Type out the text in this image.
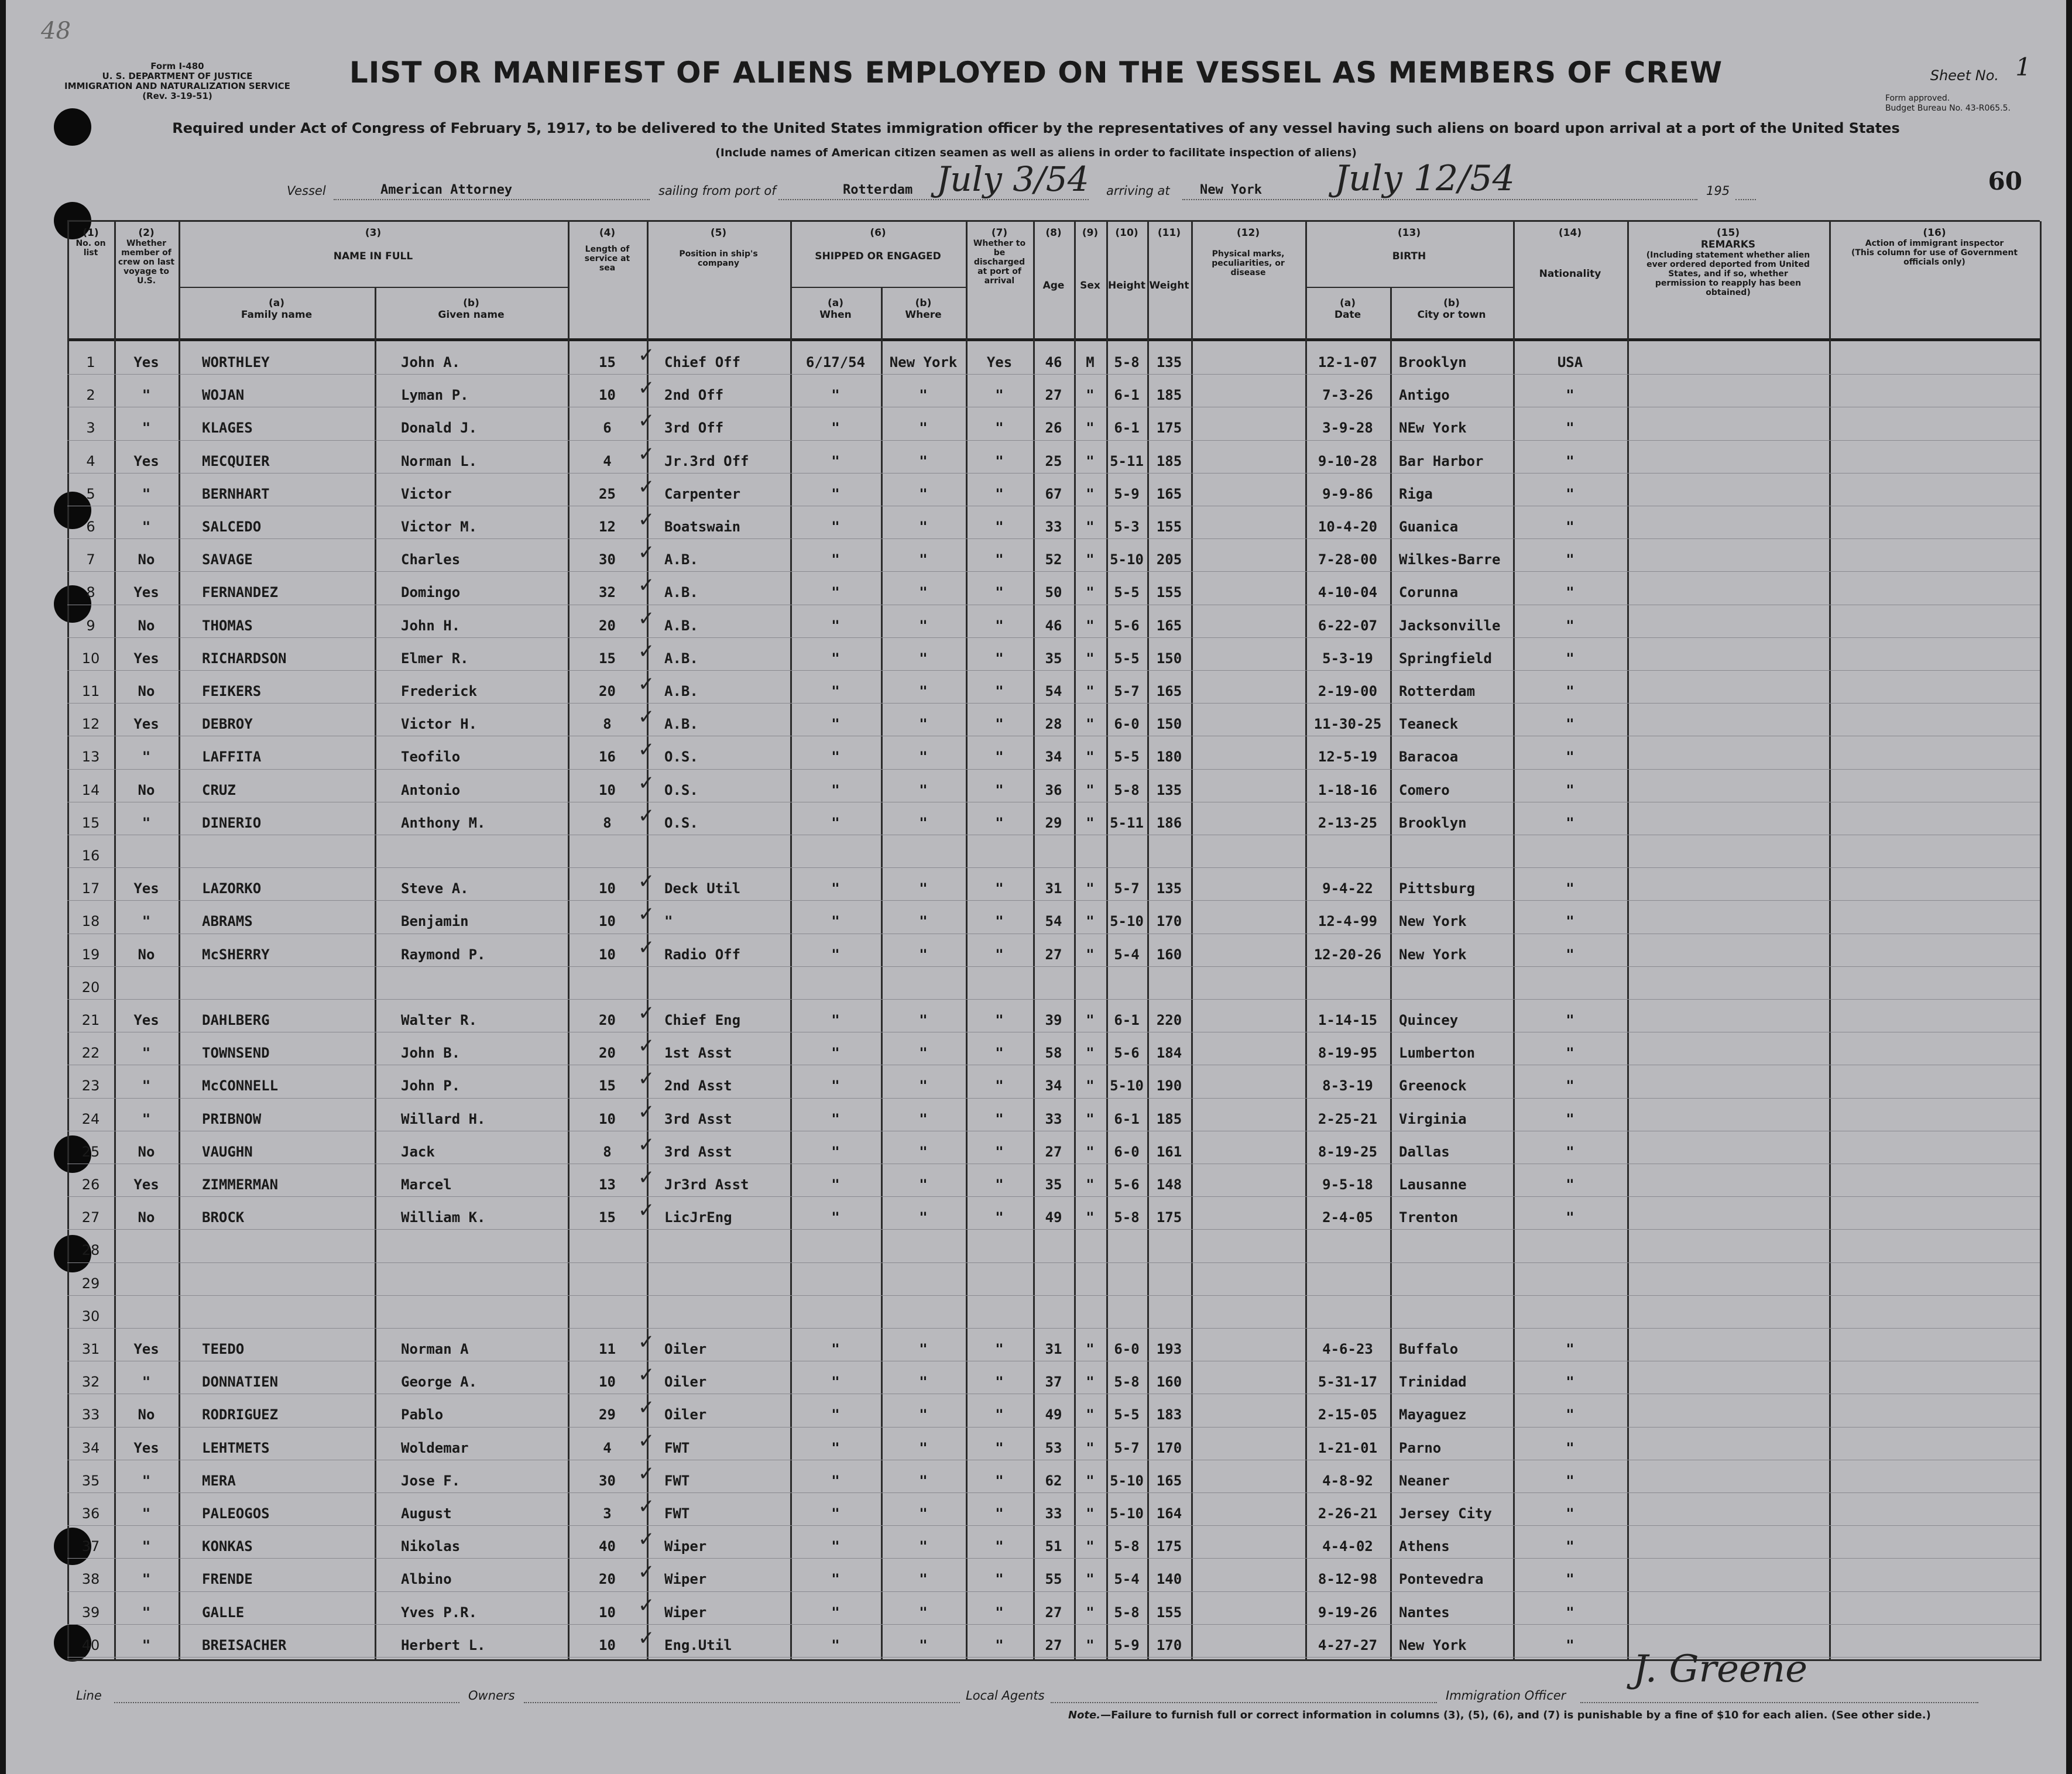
48
Form I-480
U. S. DEPARTMENT OF JUSTICE
IMMIGRATION AND NATURALIZATION SERVICE
(Rev. 3-19-51)
LIST OR MANIFEST OF ALIENS EMPLOYED ON THE VESSEL AS MEMBERS OF CREW	Sheet No. 1
Form approved.
Budget Bureau No. 43-R065.5.
Required under Act of Congress of February 5, 1917, to be delivered to the United States immigration officer by the representatives of any vessel having such aliens on board upon arrival at a port of the United States
(Include names of American citizen seamen as well as aliens in order to facilitate inspection of aliens)
60
Vessel	American Attorney	sailing from port of	Rotterdam July 3/54 arriving at New York July 12/54	195
(1)
No. on list
(2)
Whether member of crew on last voyage to U.S.
(3)
NAME IN FULL
(a)
Family name
(b)
Given name
(4)
Length of service at sea
(5)
Position in ship's company
(6)
SHIPPED OR ENGAGED
(a)
When
(b)
Where
(7)
Whether to be discharged at port of arrival
(8)
Age
(9)
Sex
(10)
Height
(11)
Weight
(12)
Physical marks, peculiarities, or disease
(13)
BIRTH
(a)
Date
(b)
City or town
(14)
Nationality
(15)
REMARKS
(Including statement whether alien ever ordered deported from United States, and if so, whether permission to reapply has been obtained)
(16)
Action of immigrant inspector
(This column for use of Government officials only)
1	Yes	WORTHLEY	John A.	15	Chief Off	6/17/54	New York	Yes	46	M	5-8	135	12-1-07	Brooklyn	USA
✓
2	"	WOJAN	Lyman P.	10	2nd Off	"	"	"	27	"	6-1	185	7-3-26	Antigo	"
✓
3	"	KLAGES	Donald J.	6	3rd Off	"	"	"	26	"	6-1	175	3-9-28	NEw York	"
✓
4	Yes	MECQUIER	Norman L.	4	Jr.3rd Off	"	"	"	25	"	5-11 185	9-10-28	Bar Harbor	"
✓
5	"	BERNHART	Victor	25	Carpenter	"	"	"	67	"	5-9	165	9-9-86	Riga	"
✓
6	"	SALCEDO	Victor M.	12	Boatswain	"	"	"	33	"	5-3	155	10-4-20	Guanica	"
✓
7	No	SAVAGE	Charles	30	A.B.	"	"	"	52	"	5-10 205	7-28-00	Wilkes-Barre	"
✓
8	Yes	FERNANDEZ	Domingo	32	A.B.	"	"	"	50	"	5-5	155	4-10-04	Corunna	"
✓
9	No	THOMAS	John H.	20	A.B.	"	"	"	46	"	5-6	165	6-22-07	Jacksonville	"
✓
10	Yes	RICHARDSON	Elmer R.	15	A.B.	"	"	"	35	"	5-5	150	5-3-19	Springfield	"
✓
11	No	FEIKERS	Frederick	20	A.B.	"	"	"	54	"	5-7	165	2-19-00	Rotterdam	"
✓
12	Yes	DEBROY	Victor H.	8	A.B.	"	"	"	28	"	6-0	150	11-30-25	Teaneck	"
✓
13	"	LAFFITA	Teofilo	16	O.S.	"	"	"	34	"	5-5	180	12-5-19	Baracoa	"
✓
14	No	CRUZ	Antonio	10	O.S.	"	"	"	36	"	5-8	135	1-18-16	Comero	"
✓
15	"	DINERIO	Anthony M.	8	O.S.	"	"	"	29	"	5-11 186	2-13-25	Brooklyn	"
✓
16
17	Yes	LAZORKO	Steve A.	10	Deck Util	"	"	"	31	"	5-7	135	9-4-22	Pittsburg	"
✓
18	"	ABRAMS	Benjamin	10	"	"	"	"	54	"	5-10 170	12-4-99	New York	"
✓
19	No	McSHERRY	Raymond P.	10	Radio Off	"	"	"	27	"	5-4	160	12-20-26	New York	"
✓
20
21	Yes	DAHLBERG	Walter R.	20	Chief Eng	"	"	"	39	"	6-1	220	1-14-15	Quincey	"
✓
22	"	TOWNSEND	John B.	20	1st Asst	"	"	"	58	"	5-6	184	8-19-95	Lumberton	"
✓
23	"	McCONNELL	John P.	15	2nd Asst	"	"	"	34	"	5-10 190	8-3-19	Greenock	"
✓
24	"	PRIBNOW	Willard H.	10	3rd Asst	"	"	"	33	"	6-1	185	2-25-21	Virginia	"
✓
25	No	VAUGHN	Jack	8	3rd Asst	"	"	"	27	"	6-0	161	8-19-25	Dallas	"
✓
26	Yes	ZIMMERMAN	Marcel	13	Jr3rd Asst	"	"	"	35	"	5-6	148	9-5-18	Lausanne	"
✓
27	No	BROCK	William K.	15	LicJrEng	"	"	"	49	"	5-8	175	2-4-05	Trenton	"
✓
28
29
30
31	Yes	TEEDO	Norman A	11	Oiler	"	"	"	31	"	6-0	193	4-6-23	Buffalo	"
✓
32	"	DONNATIEN	George A.	10	Oiler	"	"	"	37	"	5-8	160	5-31-17	Trinidad	"
✓
33	No	RODRIGUEZ	Pablo	29	Oiler	"	"	"	49	"	5-5	183	2-15-05	Mayaguez	"
✓
34	Yes	LEHTMETS	Woldemar	4	FWT	"	"	"	53	"	5-7	170	1-21-01	Parno	"
✓
35	"	MERA	Jose F.	30	FWT	"	"	"	62	"	5-10 165	4-8-92	Neaner	"
✓
36	"	PALEOGOS	August	3	FWT	"	"	"	33	"	5-10 164	2-26-21	Jersey City	"
✓
37	"	KONKAS	Nikolas	40	Wiper	"	"	"	51	"	5-8	175	4-4-02	Athens	"
✓
38	"	FRENDE	Albino	20	Wiper	"	"	"	55	"	5-4	140	8-12-98	Pontevedra	"
✓
39	"	GALLE	Yves P.R.	10	Wiper	"	"	"	27	"	5-8	155	9-19-26	Nantes	"
✓
40	"	BREISACHER	Herbert L.	10	Eng.Util	"	"	"	27	"	5-9	170	4-27-27	New York	"
✓
Line	Owners	Local Agents	Immigration Officer
J. Greene
Note.—Failure to furnish full or correct information in columns (3), (5), (6), and (7) is punishable by a fine of $10 for each alien. (See other side.)
